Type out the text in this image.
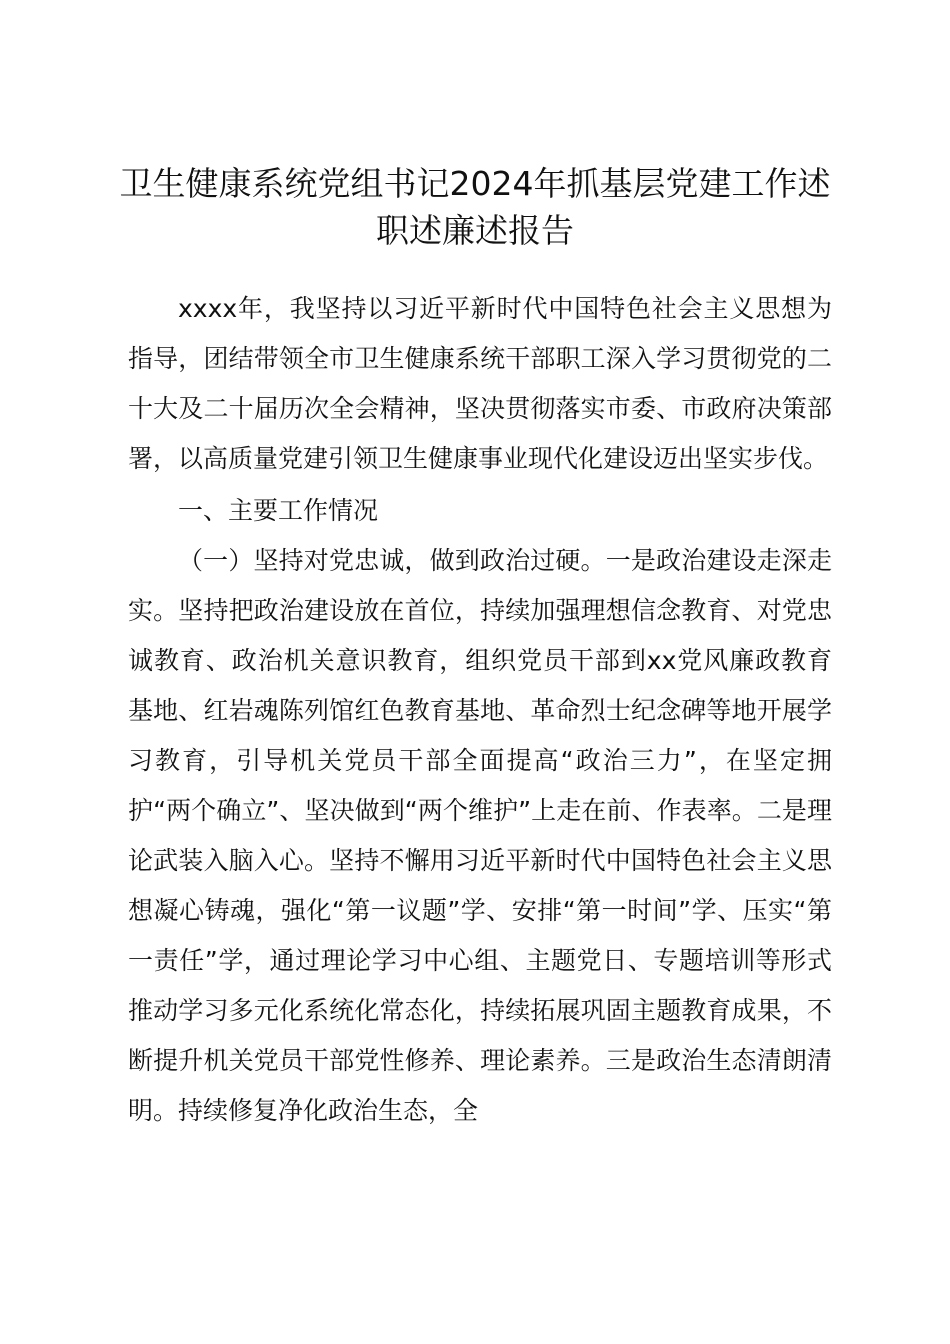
卫生健康系统党组书记2024年抓基层党建工作述职述廉述报告

xxxx年，我坚持以习近平新时代中国特色社会主义思想为指导，团结带领全市卫生健康系统干部职工深入学习贯彻党的二十大及二十届历次全会精神，坚决贯彻落实市委、市政府决策部署，以高质量党建引领卫生健康事业现代化建设迈出坚实步伐。

一、主要工作情况

（一）坚持对党忠诚，做到政治过硬。一是政治建设走深走实。坚持把政治建设放在首位，持续加强理想信念教育、对党忠诚教育、政治机关意识教育，组织党员干部到xx党风廉政教育基地、红岩魂陈列馆红色教育基地、革命烈士纪念碑等地开展学习教育，引导机关党员干部全面提高“政治三力”，在坚定拥护“两个确立”、坚决做到“两个维护”上走在前、作表率。二是理论武装入脑入心。坚持不懈用习近平新时代中国特色社会主义思想凝心铸魂，强化“第一议题”学、安排“第一时间”学、压实“第一责任”学，通过理论学习中心组、主题党日、专题培训等形式推动学习多元化系统化常态化，持续拓展巩固主题教育成果，不断提升机关党员干部党性修养、理论素养。三是政治生态清朗清明。持续修复净化政治生态，全
